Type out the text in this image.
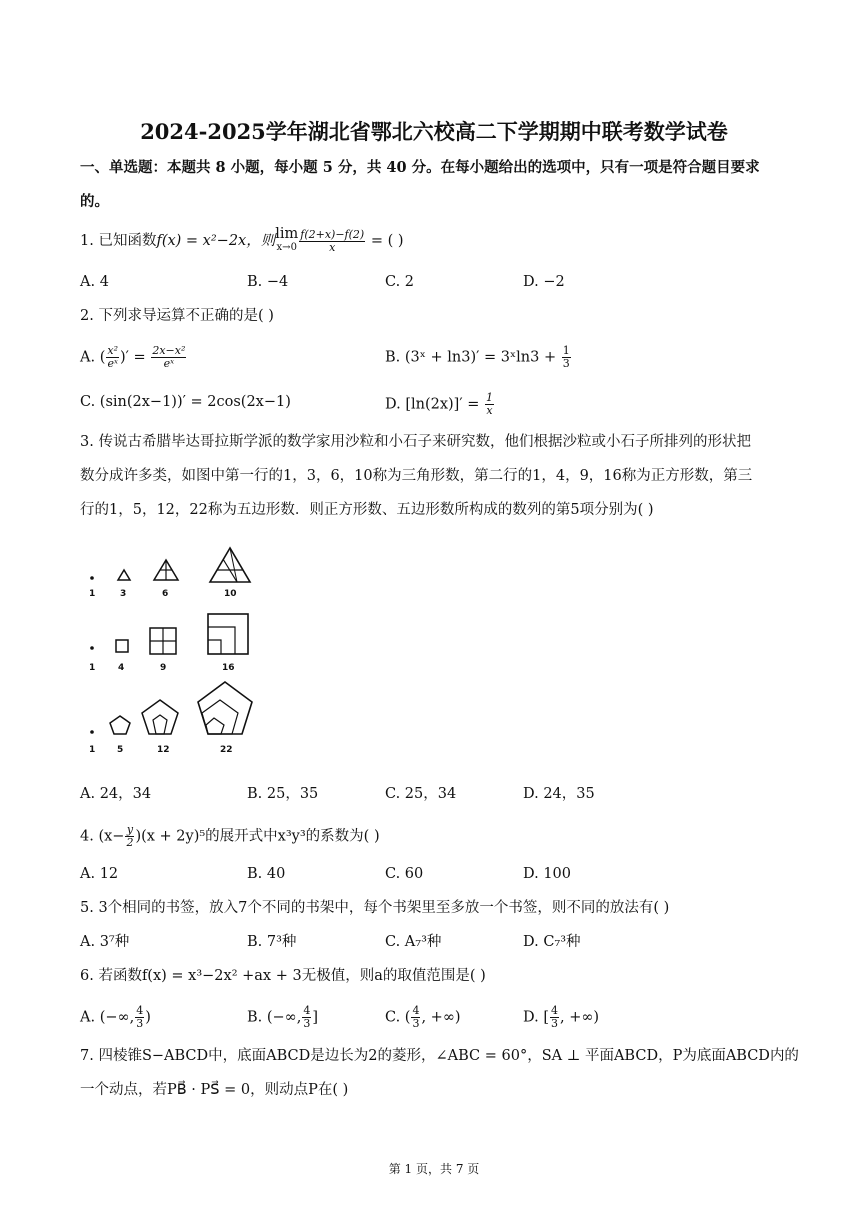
2024-2025学年湖北省鄂北六校高二下学期期中联考数学试卷
一、单选题：本题共 8 小题，每小题 5 分，共 40 分。在每小题给出的选项中，只有一项是符合题目要求
的。
1. 已知函数f(x) = x²−2x，则lim
$x\to 0 \frac{f(2+x)-f(2)}{x}$ = ( )
A. 4	B. −4	C. 2	D. −2
2. 下列求导运算不正确的是( )
A. ( $\frac{\text{x²}}{\text{eˣ}}$ )′ = $\frac{\text{2x−x²}}{\text{eˣ}}$	B. (3ˣ + ln3)′ = 3ˣln3 + $\frac{1}{3}$
C. (sin(2x−1))′ = 2cos(2x−1)	D. $[\ln(2x)]' = \frac{1}{x}$
3. 传说古希腊毕达哥拉斯学派的数学家用沙粒和小石子来研究数，他们根据沙粒或小石子所排列的形状把
数分成许多类，如图中第一行的1，3，6，10称为三角形数，第二行的1，4，9，16称为正方形数，第三
行的1，5，12，22称为五边形数．则正方形数、五边形数所构成的数列的第5项分别为( )
1	3	6	10
1	4	9	16
1 5	12	22
A. 24，34	B. 25，35	C. 25，34	D. 24，35
4. $(x- \frac{y}{2} )(x + 2y)^5$的展开式中x³y³的系数为( )
A. 12	B. 40	C. 60	D. 100
5. 3个相同的书签，放入7个不同的书架中，每个书架里至多放一个书签，则不同的放法有( )
A. 3⁷种	B. 7³种	C. A₇³种	D. C₇³种
6. 若函数f(x) = x³−2x² +ax + 3无极值，则a的取值范围是( )
A. (−∞, $\frac{4}{3}$ )	B. (−∞, $\frac{4}{3}$ ]	C. ( $\frac{4}{3}$ , +∞)	D. [ $\frac{4}{3}$ , +∞)
7. 四棱锥S−ABCD中，底面ABCD是边长为2的菱形，∠ABC = 60°，SA ⊥ 平面ABCD，P为底面ABCD内的
一个动点，若PB⃗ · PS⃗ = 0，则动点P在( )
第 1 页，共 7 页
